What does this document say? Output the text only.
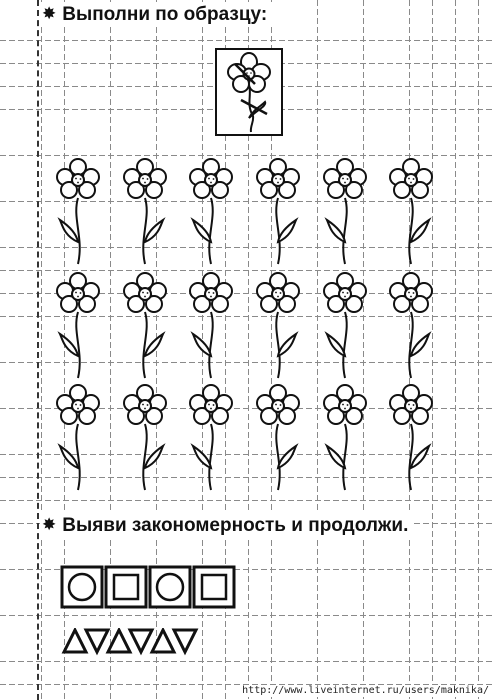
✸ Выполни по образцу:
✸ Выяви закономерность и продолжи.

http://www.liveinternet.ru/users/maknika/
